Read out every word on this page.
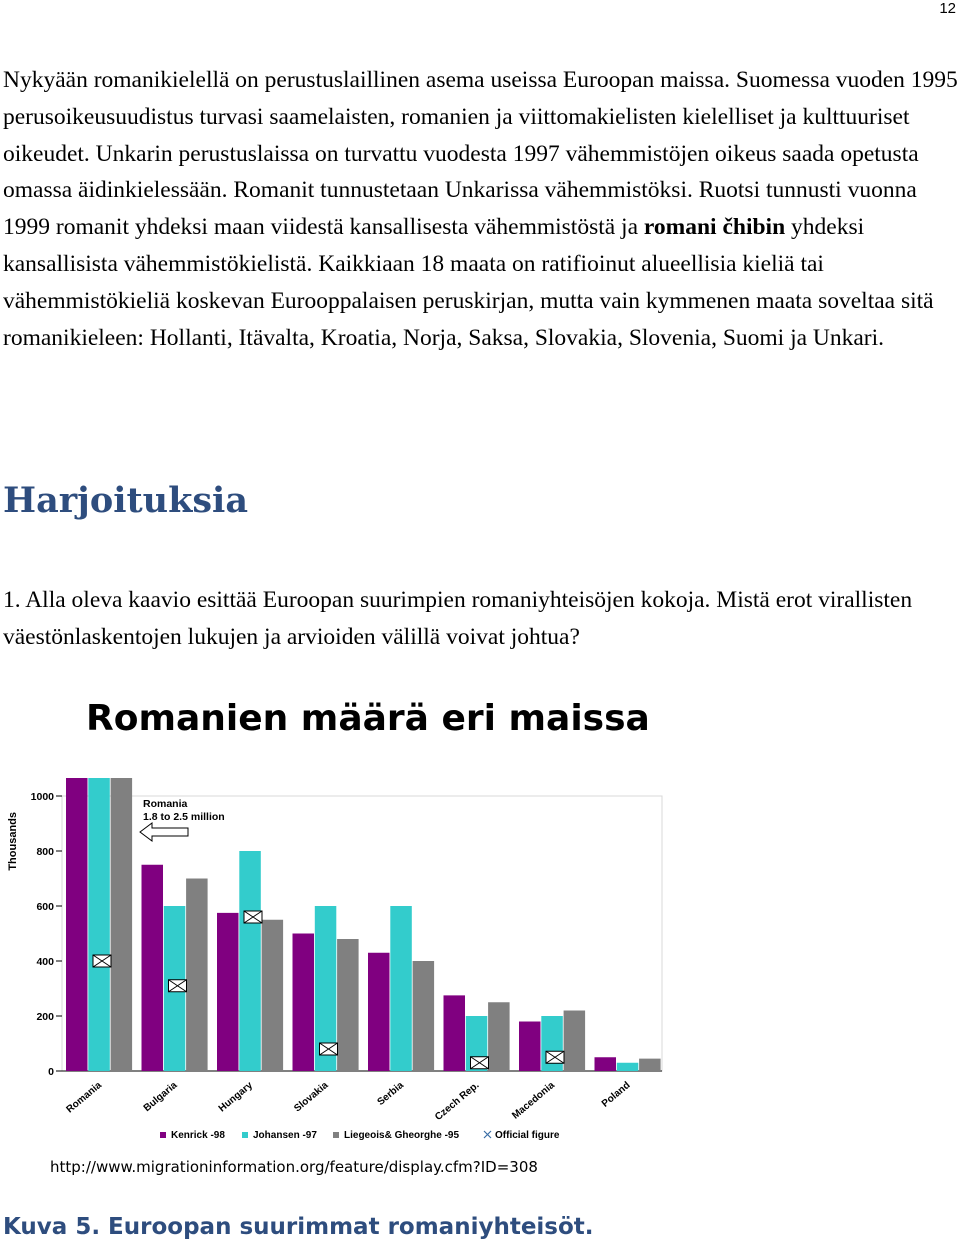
12

Nykyään romanikielellä on perustuslaillinen asema useissa Euroopan maissa. Suomessa vuoden 1995 perusoikeusuudistus turvasi saamelaisten, romanien ja viittomakielisten kielelliset ja kulttuuriset oikeudet. Unkarin perustuslaissa on turvattu vuodesta 1997 vähemmistöjen oikeus saada opetusta omassa äidinkielessään. Romanit tunnustetaan Unkarissa vähemmistöksi. Ruotsi tunnusti vuonna 1999 romanit yhdeksi maan viidestä kansallisesta vähemmistöstä ja romani čhibin yhdeksi kansallisista vähemmistökielistä. Kaikkiaan 18 maata on ratifioinut alueellisia kieliä tai vähemmistökieliä koskevan Eurooppalaisen peruskirjan, mutta vain kymmenen maata soveltaa sitä romanikieleen: Hollanti, Itävalta, Kroatia, Norja, Saksa, Slovakia, Slovenia, Suomi ja Unkari.

Harjoituksia

1. Alla oleva kaavio esittää Euroopan suurimpien romaniyhteisöjen kokoja. Mistä erot virallisten väestönlaskentojen lukujen ja arvioiden välillä voivat johtua?

Romanien määrä eri maissa
0
200
400
600
800
1000
Thousands
Romania	Bulgaria	Hungary	Slovakia	Serbia	Czech Rep.	Macedonia	Poland
Romania
1.8 to 2.5 million
Kenrick -98	Johansen -97	Liegeois& Gheorghe -95	Official figure
http://www.migrationinformation.org/feature/display.cfm?ID=308

Kuva 5. Euroopan suurimmat romaniyhteisöt.
